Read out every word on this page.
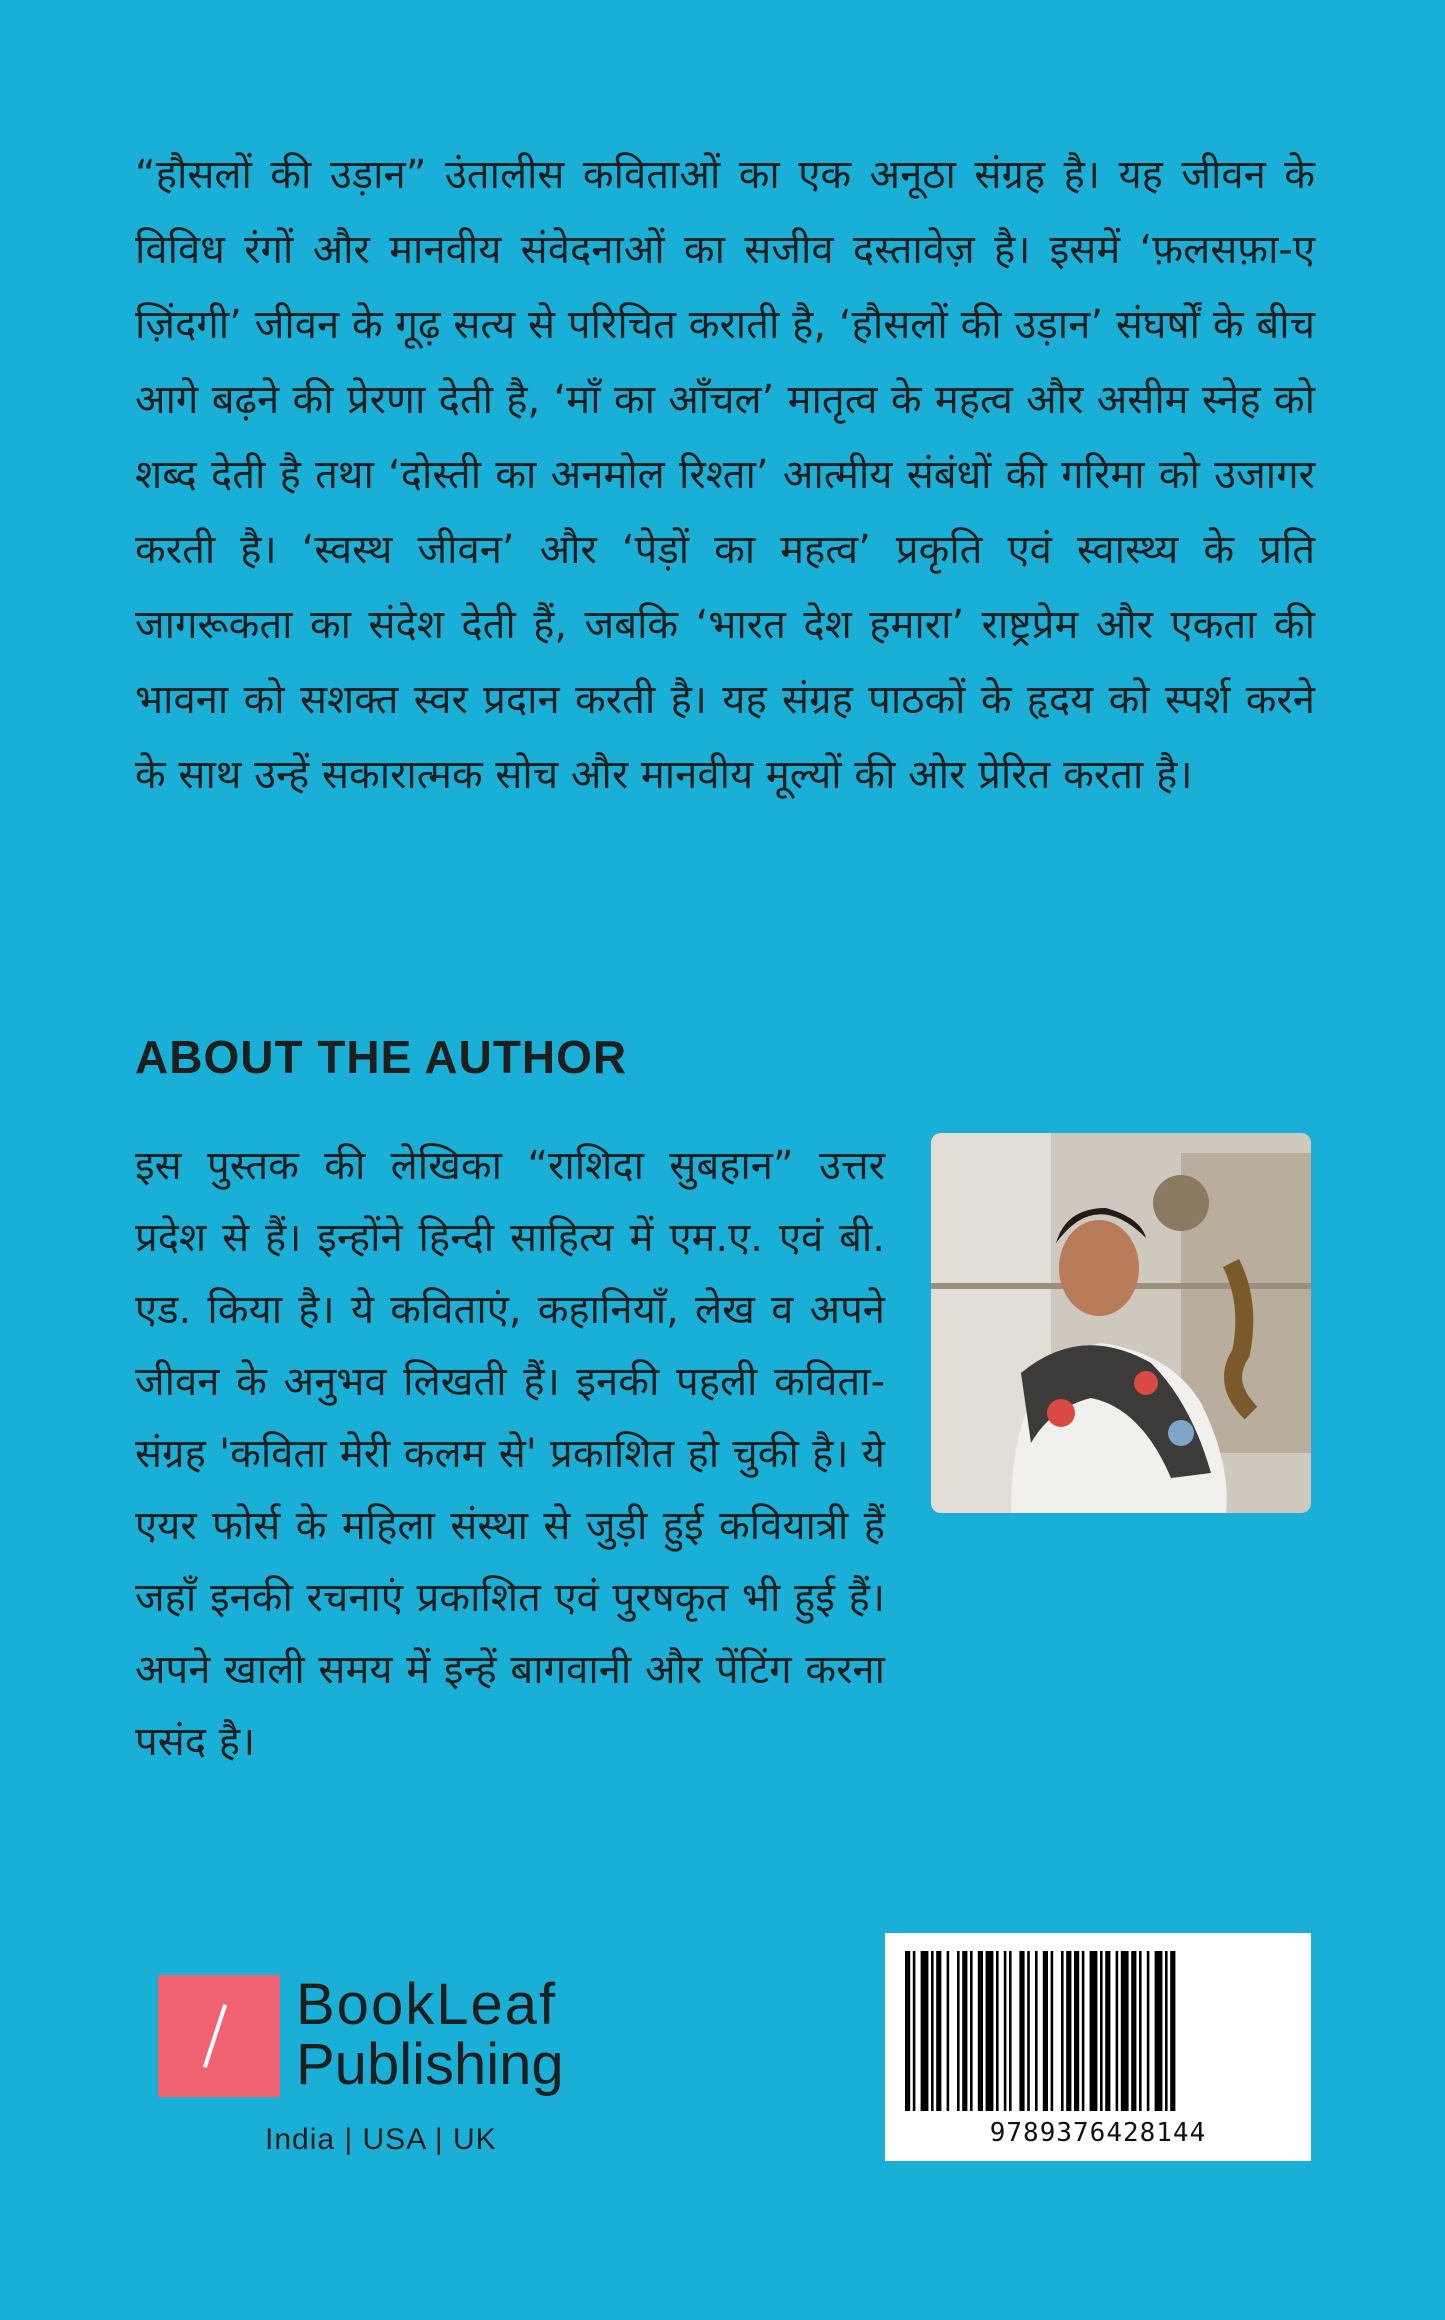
“हौसलों की उड़ान” उंतालीस कविताओं का एक अनूठा संग्रह है। यह जीवन के विविध रंगों और मानवीय संवेदनाओं का सजीव दस्तावेज़ है। इसमें ‘फ़लसफ़ा-ए ज़िंदगी’ जीवन के गूढ़ सत्य से परिचित कराती है, ‘हौसलों की उड़ान’ संघर्षों के बीच आगे बढ़ने की प्रेरणा देती है, ‘माँ का आँचल’ मातृत्व के महत्व और असीम स्नेह को शब्द देती है तथा ‘दोस्ती का अनमोल रिश्ता’ आत्मीय संबंधों की गरिमा को उजागर करती है। ‘स्वस्थ जीवन’ और ‘पेड़ों का महत्व’ प्रकृति एवं स्वास्थ्य के प्रति जागरूकता का संदेश देती हैं, जबकि ‘भारत देश हमारा’ राष्ट्रप्रेम और एकता की भावना को सशक्त स्वर प्रदान करती है। यह संग्रह पाठकों के हृदय को स्पर्श करने के साथ उन्हें सकारात्मक सोच और मानवीय मूल्यों की ओर प्रेरित करता है।

ABOUT THE AUTHOR

इस पुस्तक की लेखिका “राशिदा सुबहान” उत्तर प्रदेश से हैं। इन्होंने हिन्दी साहित्य में एम.ए. एवं बी. एड. किया है। ये कविताएं, कहानियाँ, लेख व अपने जीवन के अनुभव लिखती हैं। इनकी पहली कविता-संग्रह 'कविता मेरी कलम से' प्रकाशित हो चुकी है। ये एयर फोर्स के महिला संस्था से जुड़ी हुई कवियात्री हैं जहाँ इनकी रचनाएं प्रकाशित एवं पुरषकृत भी हुई हैं। अपने खाली समय में इन्हें बागवानी और पेंटिंग करना पसंद है।

BookLeaf
Publishing
India | USA | UK	9789376428144
